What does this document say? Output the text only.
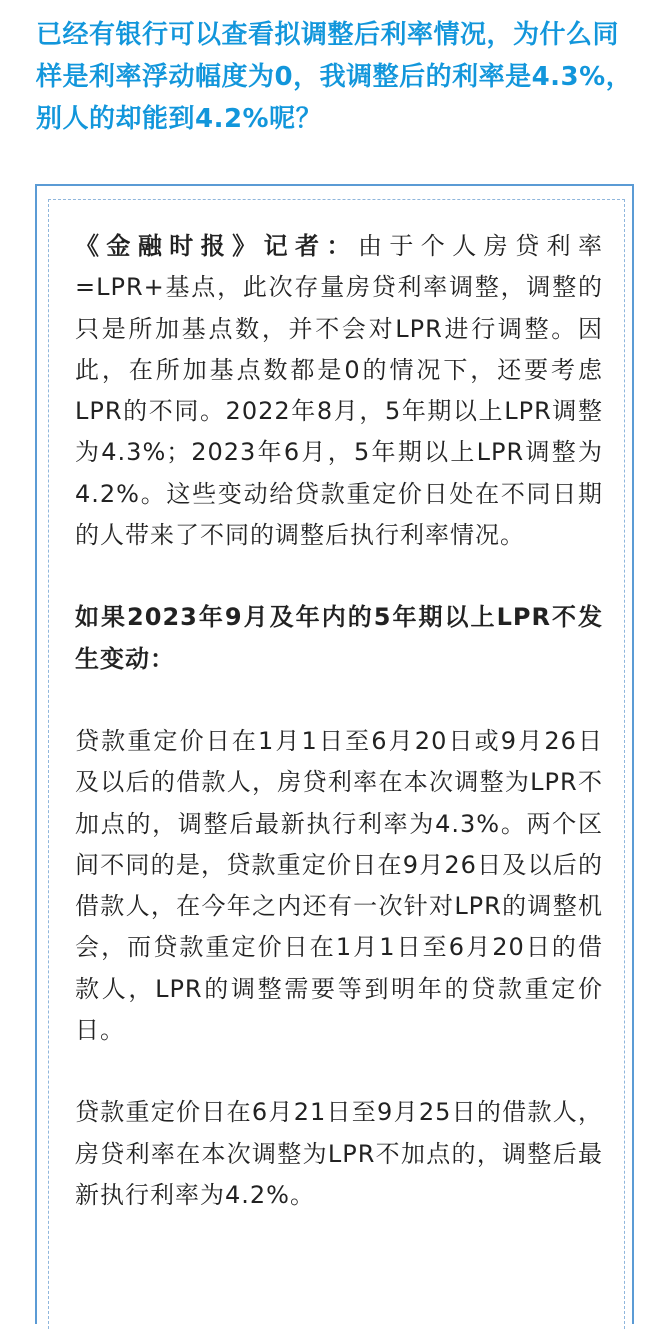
已经有银行可以查看拟调整后利率情况，为什么同样是利率浮动幅度为0，我调整后的利率是4.3%，别人的却能到4.2%呢？

《金融时报》记者：由于个人房贷利率=LPR+基点，此次存量房贷利率调整，调整的只是所加基点数，并不会对LPR进行调整。因此，在所加基点数都是0的情况下，还要考虑LPR的不同。2022年8月，5年期以上LPR调整为4.3%；2023年6月，5年期以上LPR调整为4.2%。这些变动给贷款重定价日处在不同日期的人带来了不同的调整后执行利率情况。

如果2023年9月及年内的5年期以上LPR不发生变动：

贷款重定价日在1月1日至6月20日或9月26日及以后的借款人，房贷利率在本次调整为LPR不加点的，调整后最新执行利率为4.3%。两个区间不同的是，贷款重定价日在9月26日及以后的借款人，在今年之内还有一次针对LPR的调整机会，而贷款重定价日在1月1日至6月20日的借款人，LPR的调整需要等到明年的贷款重定价日。

贷款重定价日在6月21日至9月25日的借款人，房贷利率在本次调整为LPR不加点的，调整后最新执行利率为4.2%。
